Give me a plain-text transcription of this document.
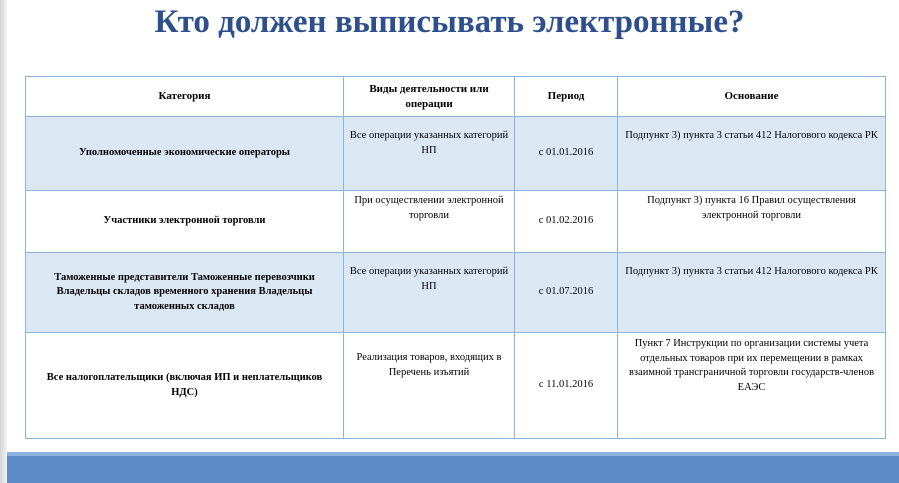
Кто должен выписывать электронные?
Категория	Виды деятельности или операции	Период	Основание
Уполномоченные экономические операторы	Все операции указанных категорий НП	с 01.01.2016	Подпункт 3) пункта 3 статьи 412 Налогового кодекса РК
Участники электронной торговли	При осуществлении электронной торговли	с 01.02.2016	Подпункт 3) пункта 16 Правил осуществления электронной торговли
Таможенные представители Таможенные перевозчики Владельцы складов временного хранения Владельцы таможенных складов	Все операции указанных категорий НП	с 01.07.2016	Подпункт 3) пункта 3 статьи 412 Налогового кодекса РК
Все налогоплательщики (включая ИП и неплательщиков НДС)	Реализация товаров, входящих в Перечень изъятий	с 11.01.2016	Пункт 7 Инструкции по организации системы учета отдельных товаров при их перемещении в рамках взаимной трансграничной торговли государств-членов ЕАЭС
